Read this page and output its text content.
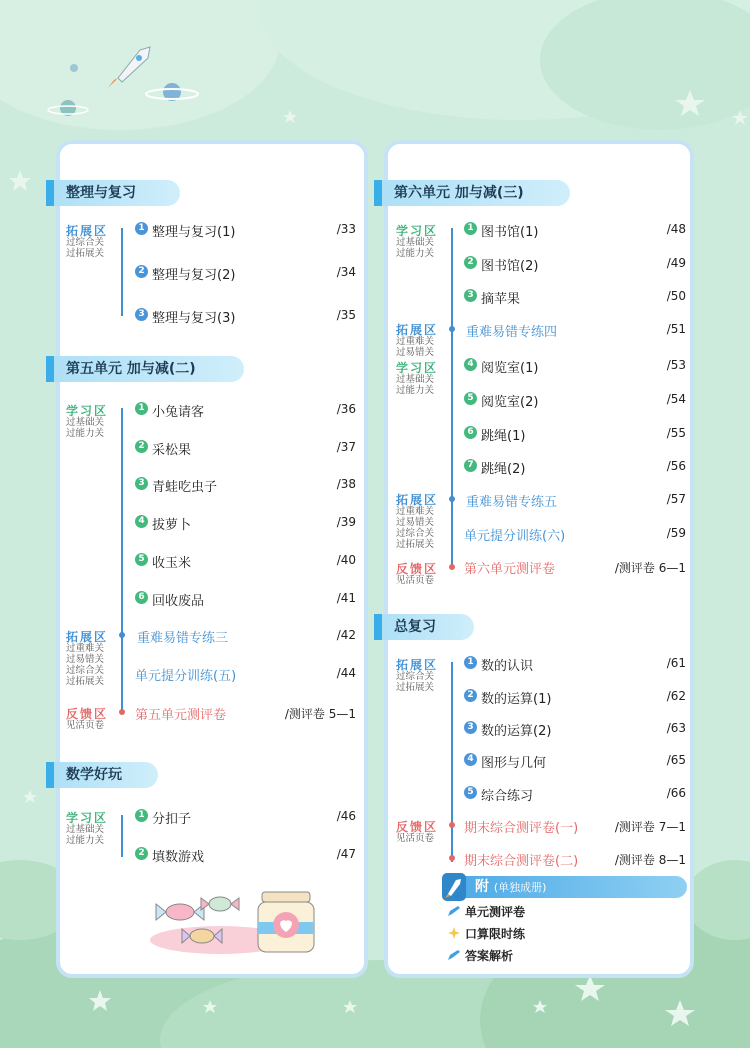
整理与复习
拓展区
过综合关
过拓展关
1 整理与复习(1)	/33
2 整理与复习(2)	/34
3 整理与复习(3)	/35
第五单元 加与减(二)
学习区
过基础关
过能力关
1 小兔请客	/36
2 采松果	/37
3 青蛙吃虫子	/38
4 拔萝卜	/39
5 收玉米	/40
6 回收废品	/41
拓展区
过重难关
过易错关
过综合关
过拓展关
重难易错专练三	/42
单元提分训练(五)	/44
反馈区
见活页卷
第五单元测评卷	/测评卷 5—1
数学好玩
学习区
过基础关
过能力关
1 分扣子	/46
2 填数游戏	/47
第六单元 加与减(三)
学习区
过基础关
过能力关
1 图书馆(1)	/48
2 图书馆(2)	/49
3 摘苹果	/50
拓展区
过重难关
过易错关
重难易错专练四	/51
学习区
过基础关
过能力关
4 阅览室(1)	/53
5 阅览室(2)	/54
6 跳绳(1)	/55
7 跳绳(2)	/56
拓展区
过重难关
过易错关
过综合关
过拓展关
重难易错专练五	/57
单元提分训练(六)	/59
反馈区
见活页卷
第六单元测评卷	/测评卷 6—1
总复习
拓展区
过综合关
过拓展关
1 数的认识	/61
2 数的运算(1)	/62
3 数的运算(2)	/63
4 图形与几何	/65
5 综合练习	/66
反馈区
见活页卷
期末综合测评卷(一)	/测评卷 7—1
期末综合测评卷(二)	/测评卷 8—1
附 (单独成册)
单元测评卷
口算限时练
答案解析
